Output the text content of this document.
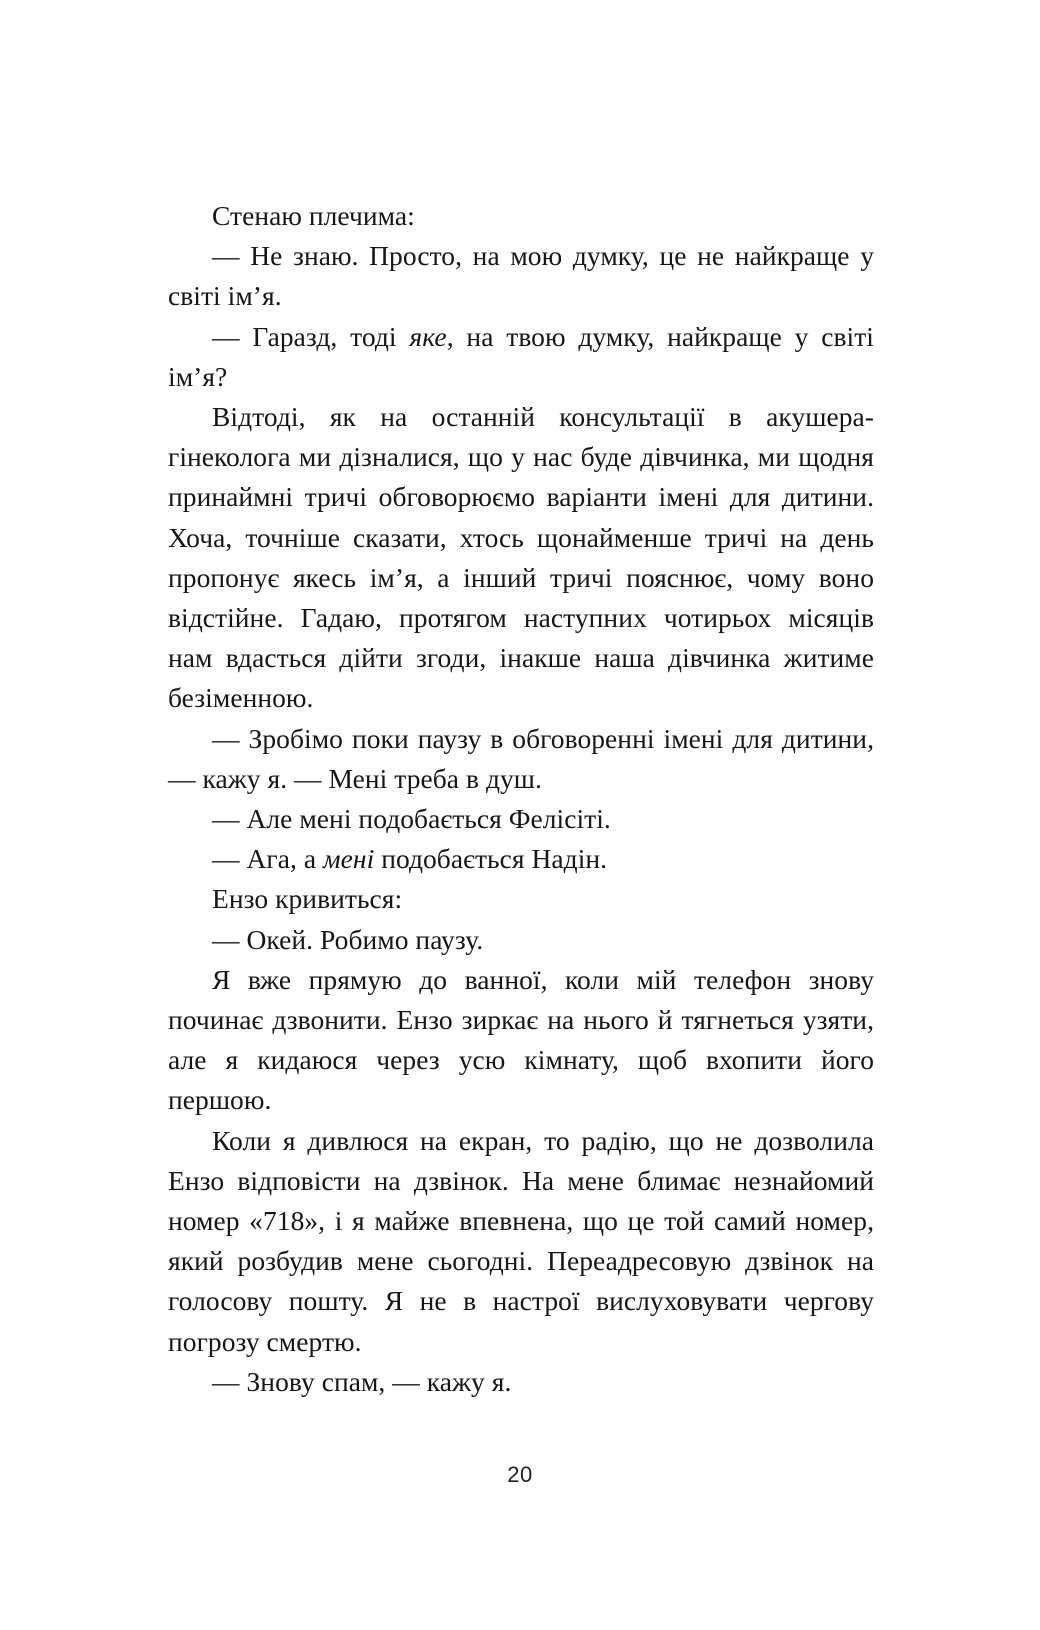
Стенаю плечима:

— Не знаю. Просто, на мою думку, це не найкраще у світі ім’я.

— Гаразд, тоді яке, на твою думку, найкраще у світі ім’я?

Відтоді, як на останній консультації в акушера-гінеколога ми дізналися, що у нас буде дівчинка, ми щодня принаймні тричі обговорюємо варіанти імені для дитини. Хоча, точніше сказати, хтось щонайменше тричі на день пропонує якесь ім’я, а інший тричі пояснює, чому воно відстійне. Гадаю, протягом наступних чотирьох місяців нам вдасться дійти згоди, інакше наша дівчинка житиме безіменною.

— Зробімо поки паузу в обговоренні імені для дитини, — кажу я. — Мені треба в душ.

— Але мені подобається Фелісіті.

— Ага, а мені подобається Надін.

Ензо кривиться:

— Окей. Робимо паузу.

Я вже прямую до ванної, коли мій телефон знову починає дзвонити. Ензо зиркає на нього й тягнеться узяти, але я кидаюся через усю кімнату, щоб вхопити його першою.

Коли я дивлюся на екран, то радію, що не дозволила Ензо відповісти на дзвінок. На мене блимає незнайомий номер «718», і я майже впевнена, що це той самий номер, який розбудив мене сьогодні. Переадресовую дзвінок на голосову пошту. Я не в настрої вислуховувати чергову погрозу смертю.

— Знову спам, — кажу я.

20
